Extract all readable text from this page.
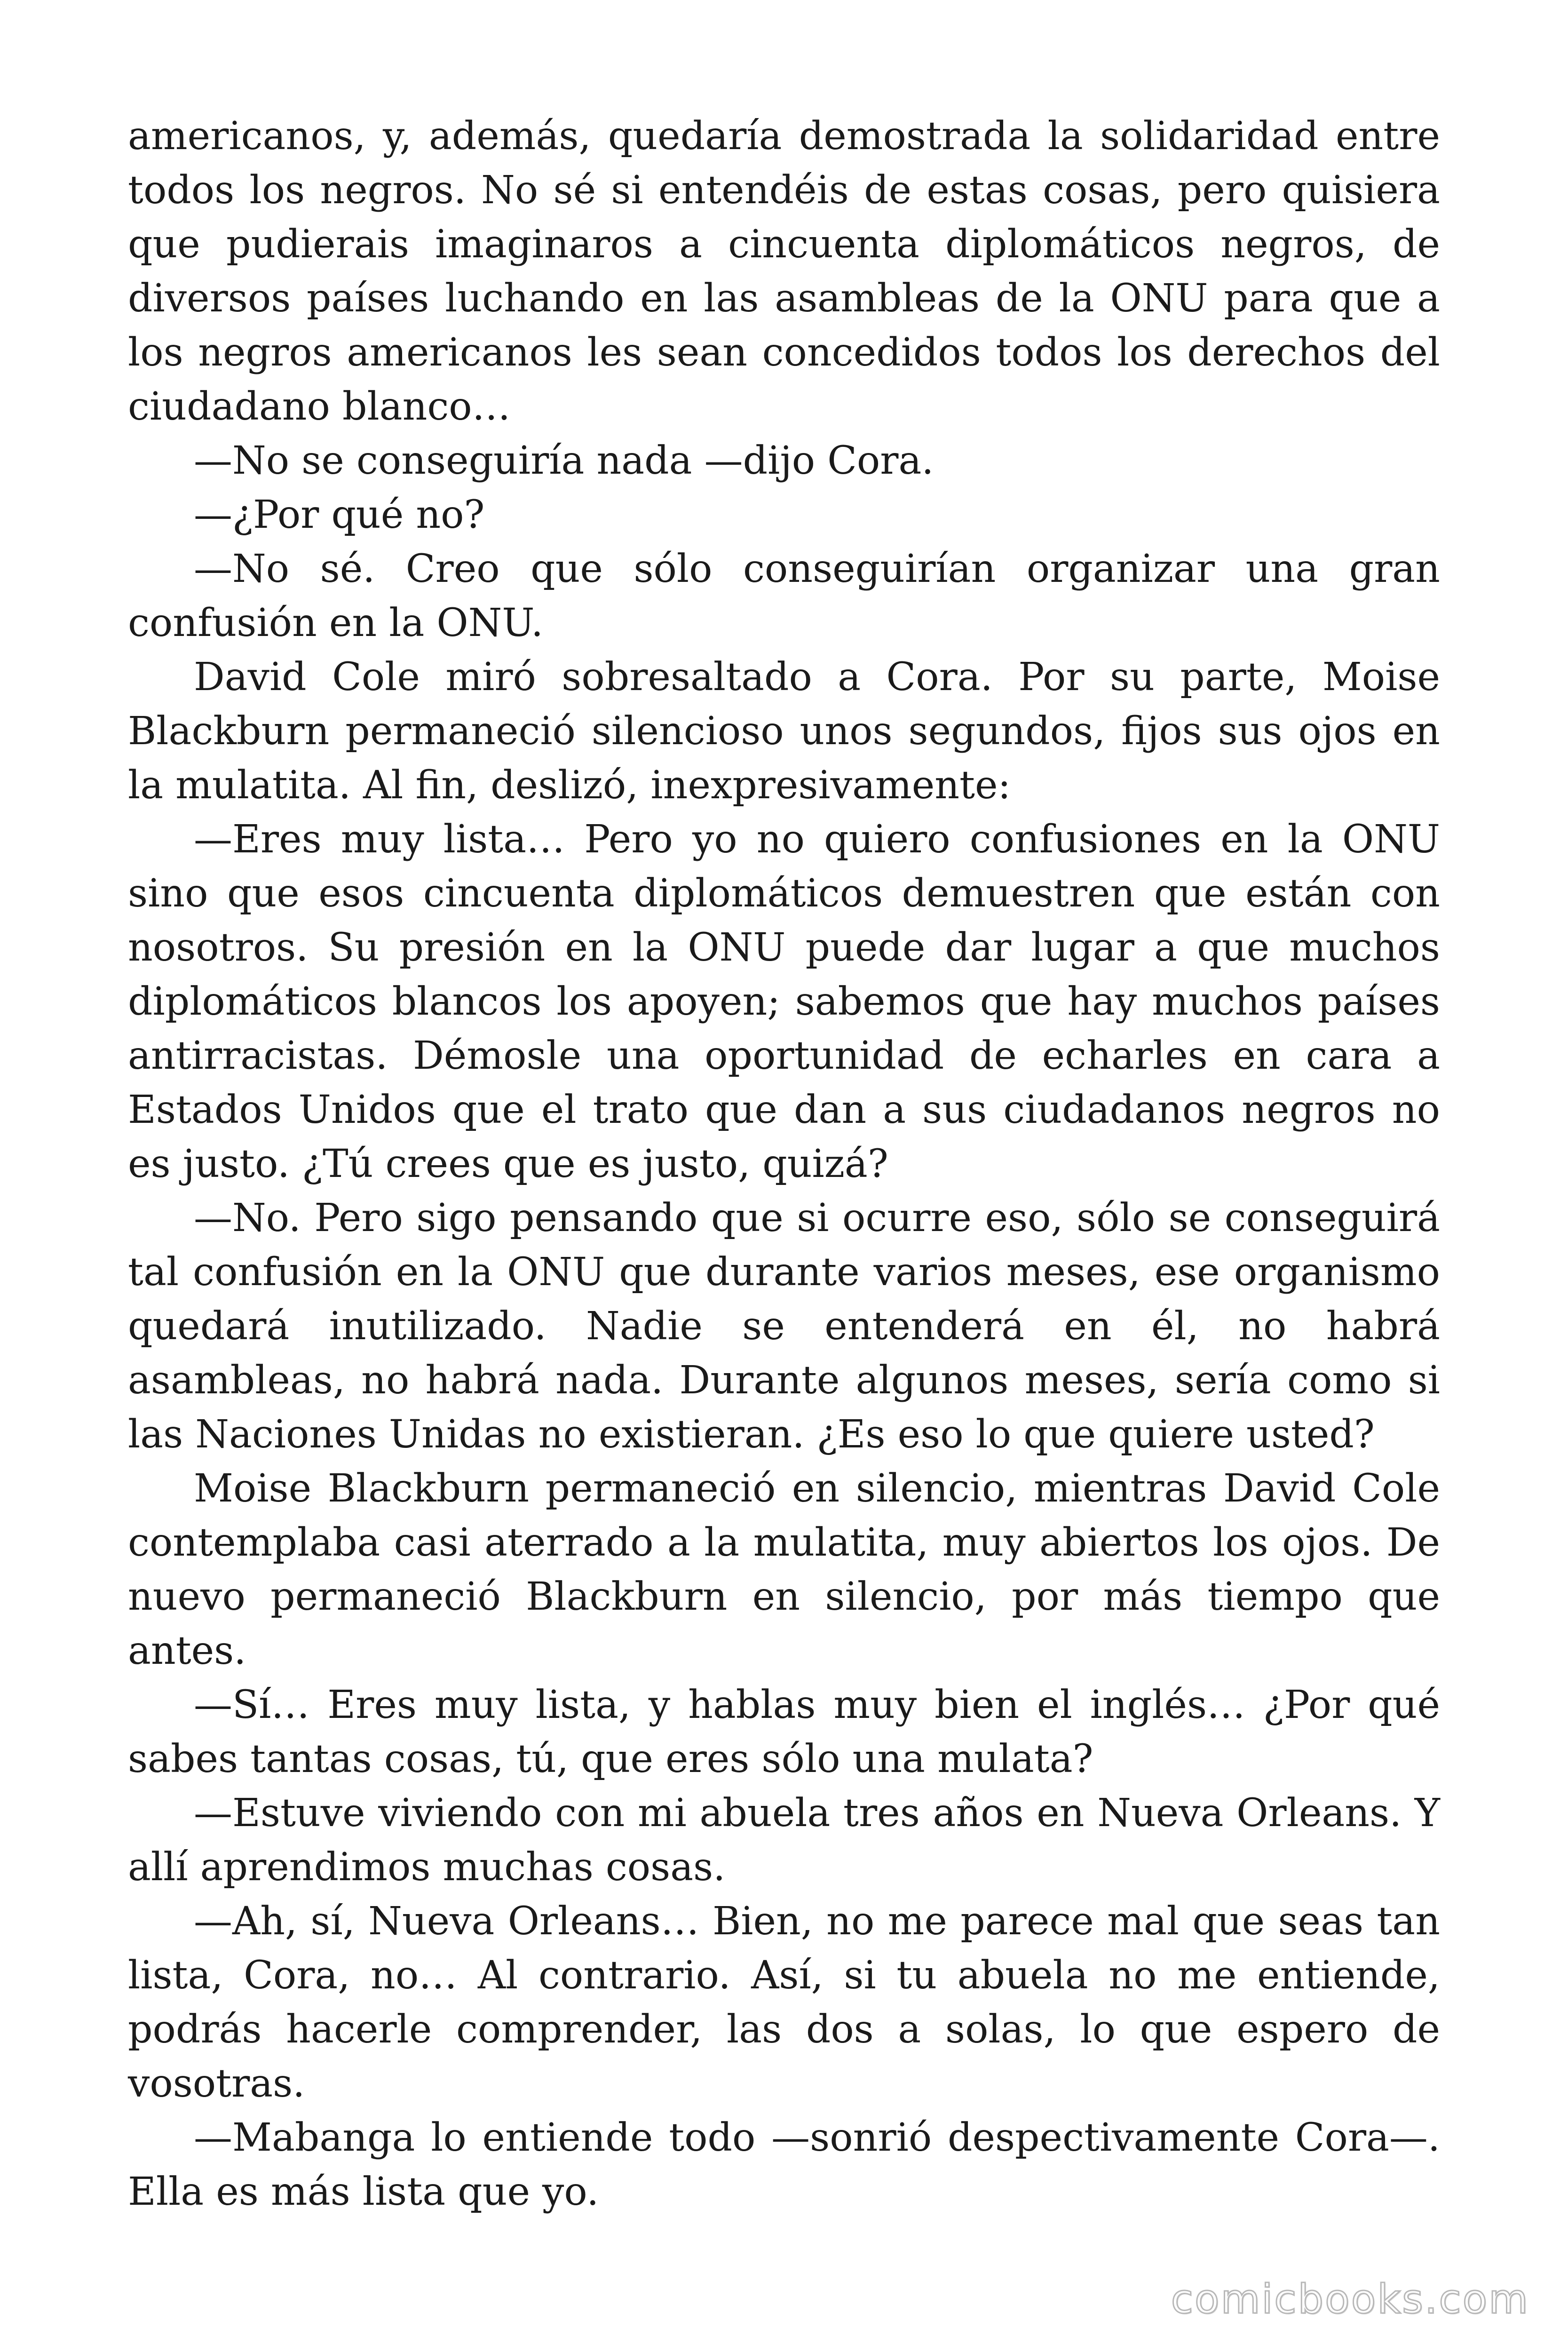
americanos, y, además, quedaría demostrada la solidaridad entre todos los negros. No sé si entendéis de estas cosas, pero quisiera que pudierais imaginaros a cincuenta diplomáticos negros, de diversos países luchando en las asambleas de la ONU para que a los negros americanos les sean concedidos todos los derechos del ciudadano blanco…

—No se conseguiría nada —dijo Cora.

—¿Por qué no?

—No sé. Creo que sólo conseguirían organizar una gran confusión en la ONU.

David Cole miró sobresaltado a Cora. Por su parte, Moise Blackburn permaneció silencioso unos segundos, fijos sus ojos en la mulatita. Al fin, deslizó, inexpresivamente:

—Eres muy lista… Pero yo no quiero confusiones en la ONU sino que esos cincuenta diplomáticos demuestren que están con nosotros. Su presión en la ONU puede dar lugar a que muchos diplomáticos blancos los apoyen; sabemos que hay muchos países antirracistas. Démosle una oportunidad de echarles en cara a Estados Unidos que el trato que dan a sus ciudadanos negros no es justo. ¿Tú crees que es justo, quizá?

—No. Pero sigo pensando que si ocurre eso, sólo se conseguirá tal confusión en la ONU que durante varios meses, ese organismo quedará inutilizado. Nadie se entenderá en él, no habrá asambleas, no habrá nada. Durante algunos meses, sería como si las Naciones Unidas no existieran. ¿Es eso lo que quiere usted?

Moise Blackburn permaneció en silencio, mientras David Cole contemplaba casi aterrado a la mulatita, muy abiertos los ojos. De nuevo permaneció Blackburn en silencio, por más tiempo que antes.

—Sí… Eres muy lista, y hablas muy bien el inglés… ¿Por qué sabes tantas cosas, tú, que eres sólo una mulata?

—Estuve viviendo con mi abuela tres años en Nueva Orleans. Y allí aprendimos muchas cosas.

—Ah, sí, Nueva Orleans… Bien, no me parece mal que seas tan lista, Cora, no… Al contrario. Así, si tu abuela no me entiende, podrás hacerle comprender, las dos a solas, lo que espero de vosotras.

—Mabanga lo entiende todo —sonrió despectivamente Cora—. Ella es más lista que yo.

comicbooks.com
